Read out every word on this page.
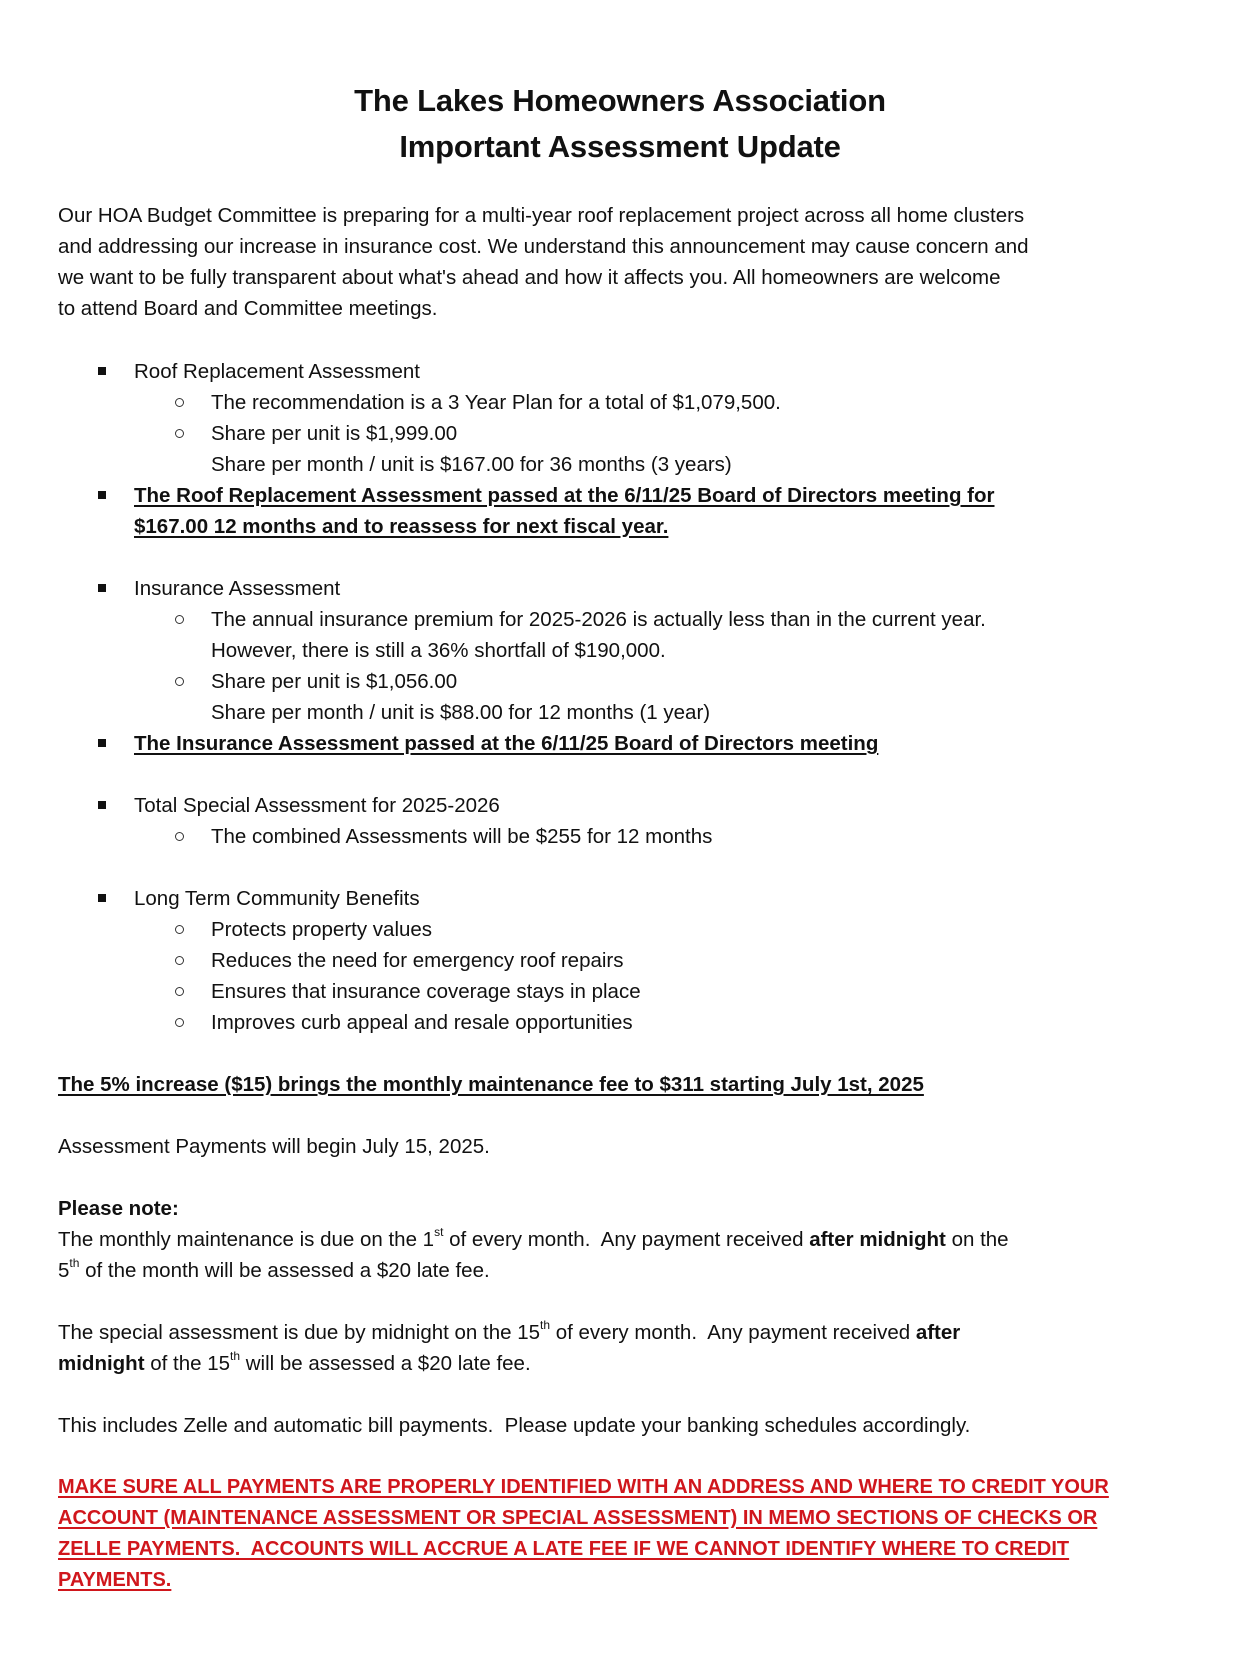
The Lakes Homeowners Association
Important Assessment Update
Our HOA Budget Committee is preparing for a multi-year roof replacement project across all home clusters
and addressing our increase in insurance cost. We understand this announcement may cause concern and
we want to be fully transparent about what's ahead and how it affects you. All homeowners are welcome
to attend Board and Committee meetings.
Roof Replacement Assessment
The recommendation is a 3 Year Plan for a total of $1,079,500.
Share per unit is $1,999.00
Share per month / unit is $167.00 for 36 months (3 years)
The Roof Replacement Assessment passed at the 6/11/25 Board of Directors meeting for
$167.00 12 months and to reassess for next fiscal year.
Insurance Assessment
The annual insurance premium for 2025-2026 is actually less than in the current year.
However, there is still a 36% shortfall of $190,000.
Share per unit is $1,056.00
Share per month / unit is $88.00 for 12 months (1 year)
The Insurance Assessment passed at the 6/11/25 Board of Directors meeting
Total Special Assessment for 2025-2026
The combined Assessments will be $255 for 12 months
Long Term Community Benefits
Protects property values
Reduces the need for emergency roof repairs
Ensures that insurance coverage stays in place
Improves curb appeal and resale opportunities
The 5% increase ($15) brings the monthly maintenance fee to $311 starting July 1st, 2025
Assessment Payments will begin July 15, 2025.
Please note:
The monthly maintenance is due on the 1st of every month.  Any payment received after midnight on the
5th of the month will be assessed a $20 late fee.
The special assessment is due by midnight on the 15th of every month.  Any payment received after
midnight of the 15th will be assessed a $20 late fee.
This includes Zelle and automatic bill payments.  Please update your banking schedules accordingly.
MAKE SURE ALL PAYMENTS ARE PROPERLY IDENTIFIED WITH AN ADDRESS AND WHERE TO CREDIT YOUR
ACCOUNT (MAINTENANCE ASSESSMENT OR SPECIAL ASSESSMENT) IN MEMO SECTIONS OF CHECKS OR
ZELLE PAYMENTS.  ACCOUNTS WILL ACCRUE A LATE FEE IF WE CANNOT IDENTIFY WHERE TO CREDIT
PAYMENTS.
